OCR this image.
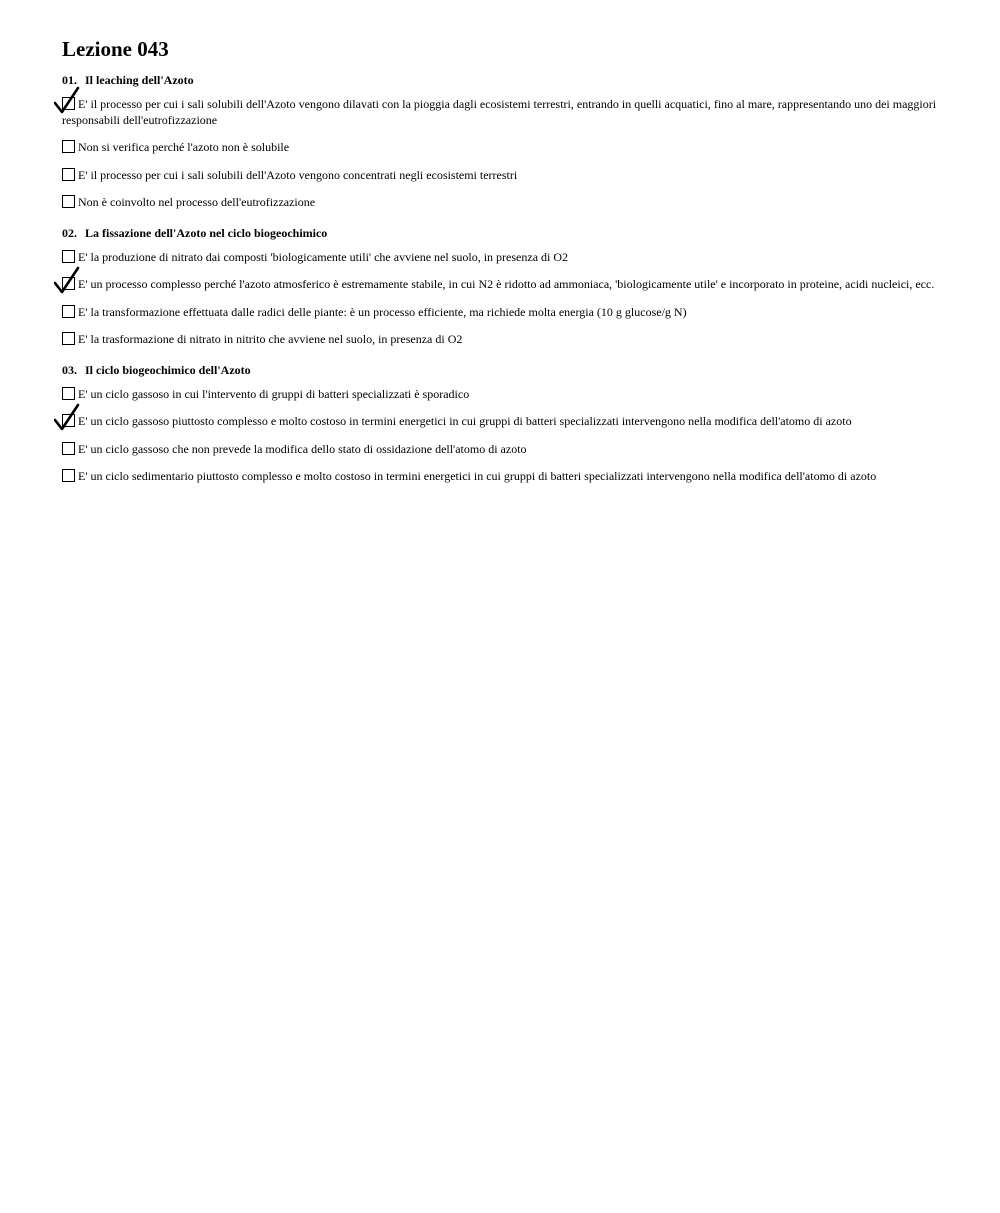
Lezione 043
01. Il leaching dell'Azoto
E' il processo per cui i sali solubili dell'Azoto vengono dilavati con la pioggia dagli ecosistemi terrestri, entrando in quelli acquatici, fino al mare, rappresentando uno dei maggiori responsabili dell'eutrofizzazione
Non si verifica perché l'azoto non è solubile
E' il processo per cui i sali solubili dell'Azoto vengono concentrati negli ecosistemi terrestri
Non è coinvolto nel processo dell'eutrofizzazione
02. La fissazione dell'Azoto nel ciclo biogeochimico
E' la produzione di nitrato dai composti 'biologicamente utili' che avviene nel suolo, in presenza di O2
E' un processo complesso perché l'azoto atmosferico è estremamente stabile, in cui N2 è ridotto ad ammoniaca, 'biologicamente utile' e incorporato in proteine, acidi nucleici, ecc.
E' la transformazione effettuata dalle radici delle piante: è un processo efficiente, ma richiede molta energia (10 g glucose/g N)
E' la trasformazione di nitrato in nitrito che avviene nel suolo, in presenza di O2
03. Il ciclo biogeochimico dell'Azoto
E' un ciclo gassoso in cui l'intervento di gruppi di batteri specializzati è sporadico
E' un ciclo gassoso piuttosto complesso e molto costoso in termini energetici in cui gruppi di batteri specializzati intervengono nella modifica dell'atomo di azoto
E' un ciclo gassoso che non prevede la modifica dello stato di ossidazione dell'atomo di azoto
E' un ciclo sedimentario piuttosto complesso e molto costoso in termini energetici in cui gruppi di batteri specializzati intervengono nella modifica dell'atomo di azoto
